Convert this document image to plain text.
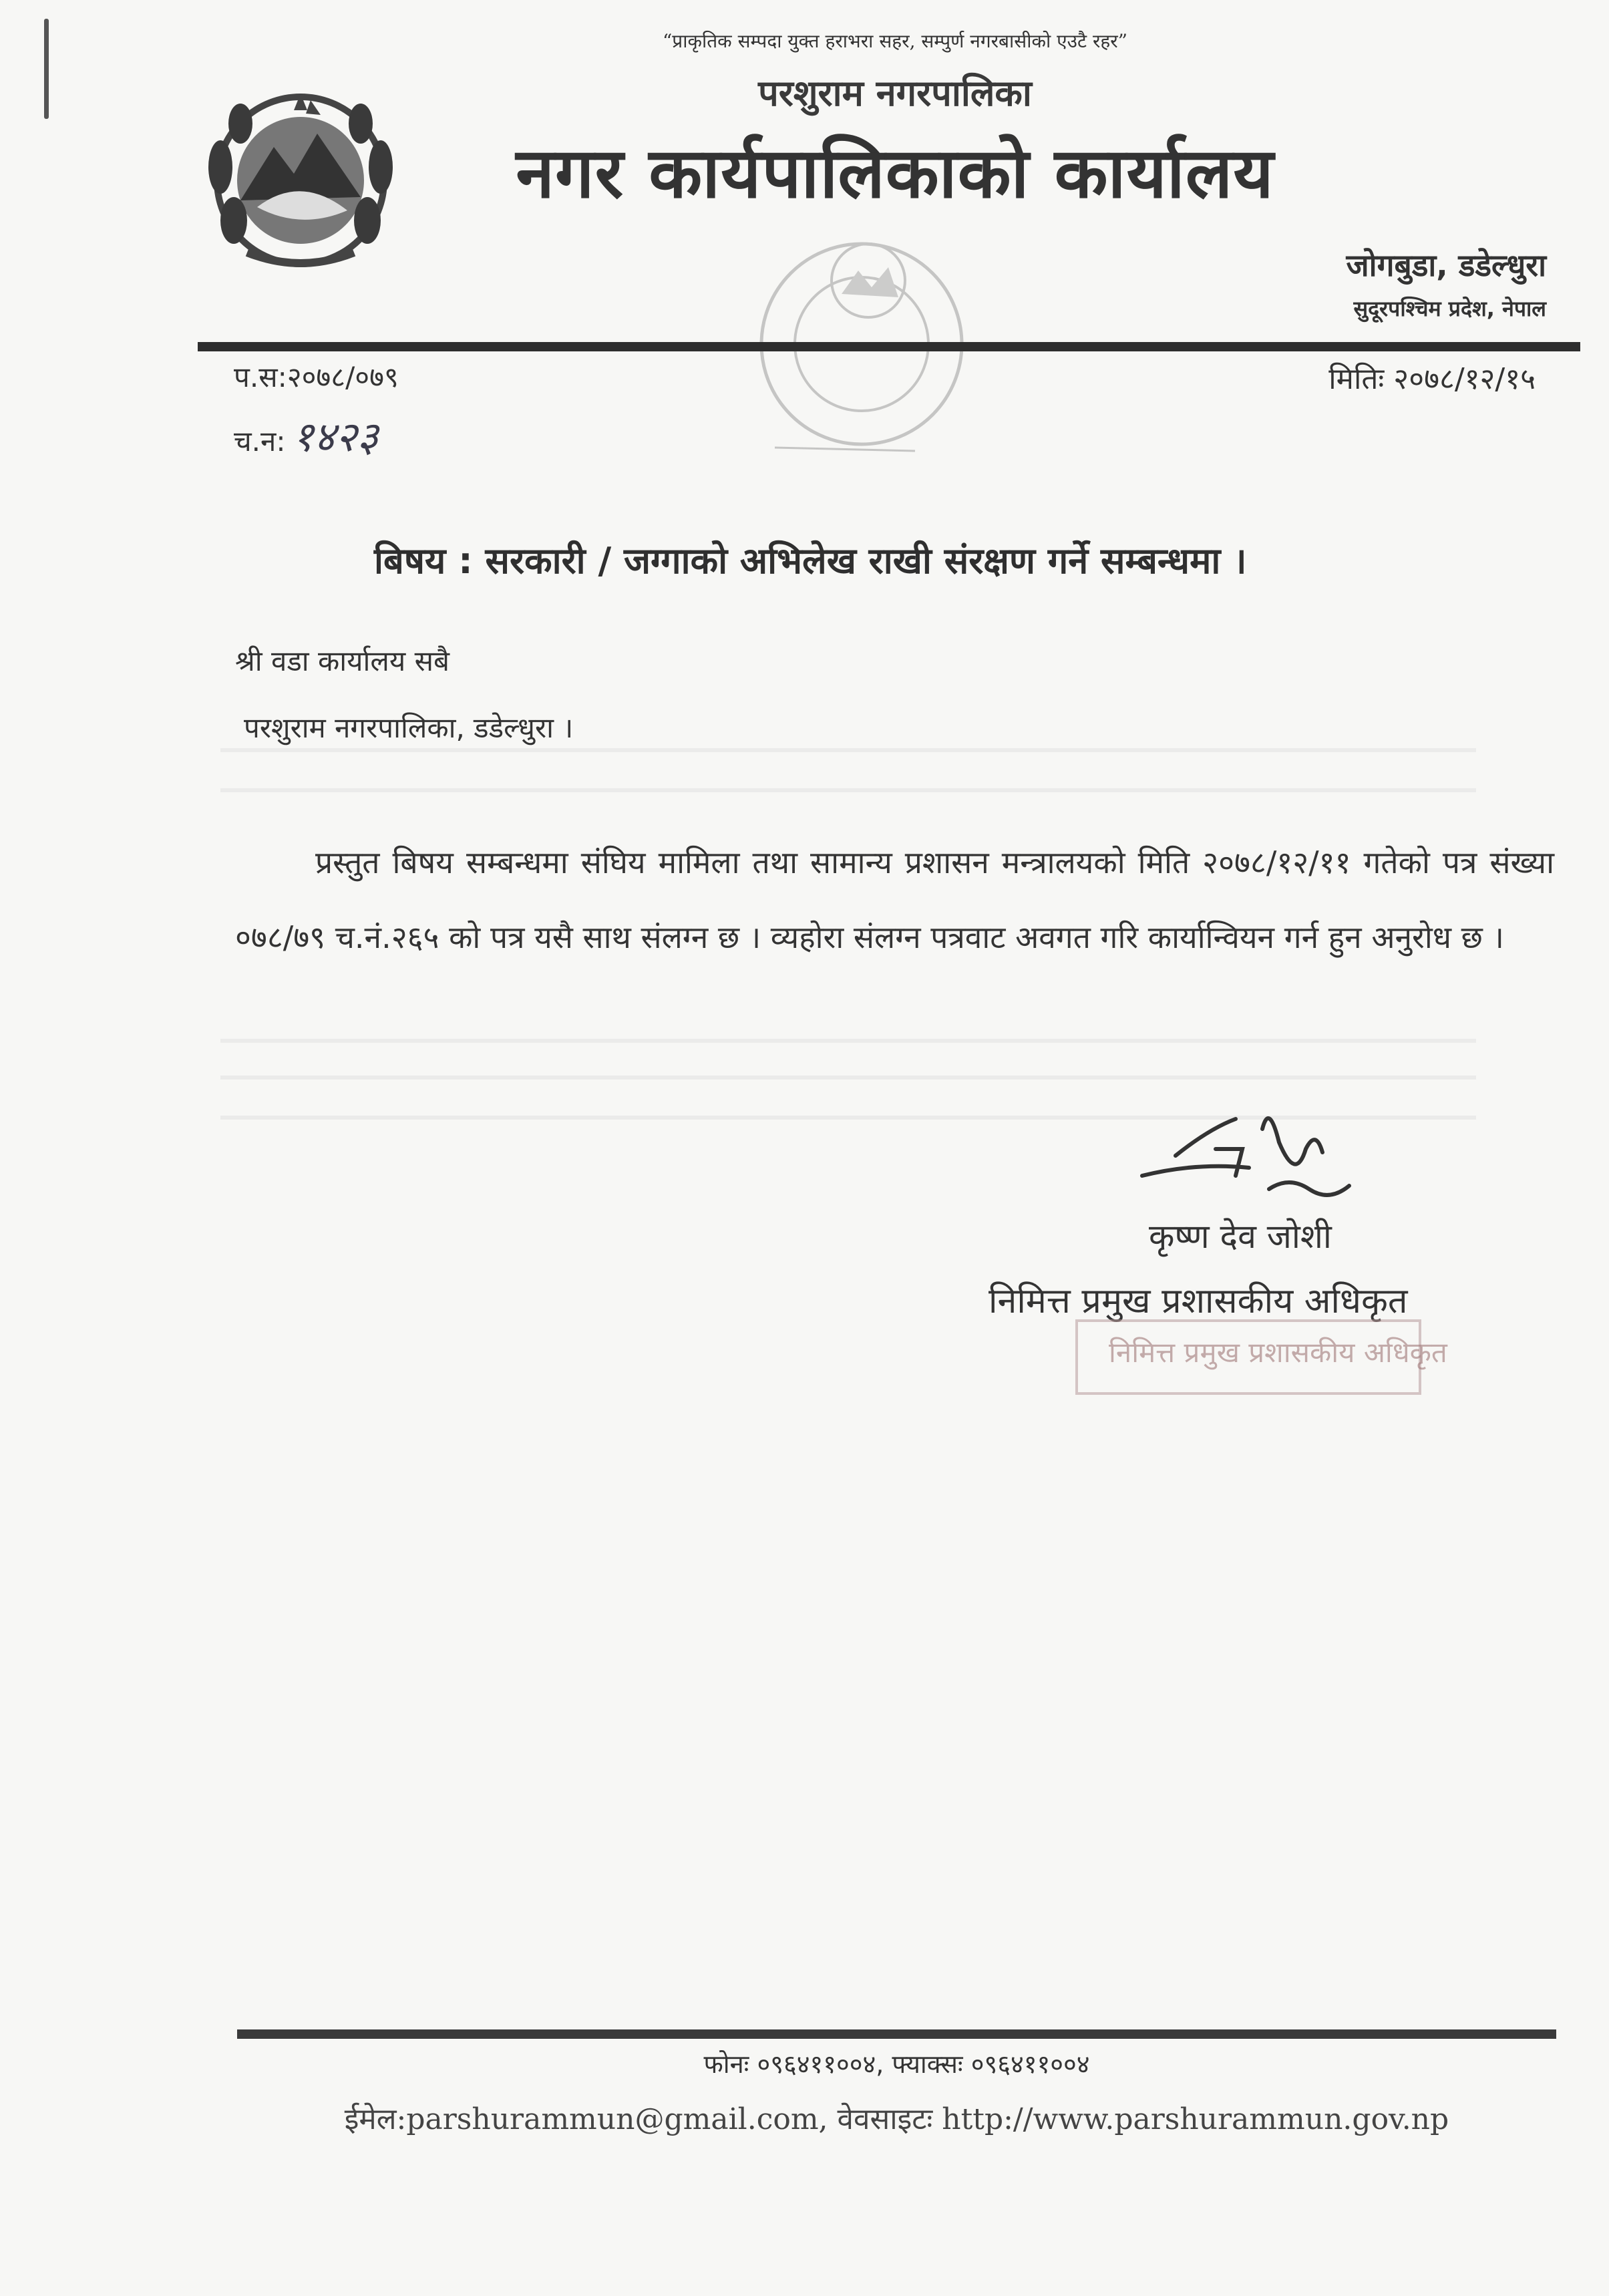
“प्राकृतिक सम्पदा युक्त हराभरा सहर, सम्पुर्ण नगरबासीको एउटै रहर”
परशुराम नगरपालिका
नगर कार्यपालिकाको कार्यालय
जोगबुडा, डडेल्धुरा
सुदूरपश्चिम प्रदेश, नेपाल
प.स:२०७८/०७९
च.न: १४२३
मितिः २०७८/१२/१५
बिषय : सरकारी / जग्गाको अभिलेख राखी संरक्षण गर्ने सम्बन्धमा ।
श्री वडा कार्यालय सबै
परशुराम नगरपालिका, डडेल्धुरा ।
प्रस्तुत बिषय सम्बन्धमा संघिय मामिला तथा सामान्य प्रशासन मन्त्रालयको मिति २०७८/१२/११ गतेको पत्र संख्या ०७८/७९ च.नं.२६५ को पत्र यसै साथ संलग्न छ । व्यहोरा संलग्न पत्रवाट अवगत गरि कार्यान्वियन गर्न हुन अनुरोध छ ।
कृष्ण देव जोशी
निमित्त प्रमुख प्रशासकीय अधिकृत
निमित्त प्रमुख प्रशासकीय अधिकृत
फोनः ०९६४११००४, फ्याक्सः ०९६४११००४
ईमेल:parshurammun@gmail.com, वेवसाइटः http://www.parshurammun.gov.np
